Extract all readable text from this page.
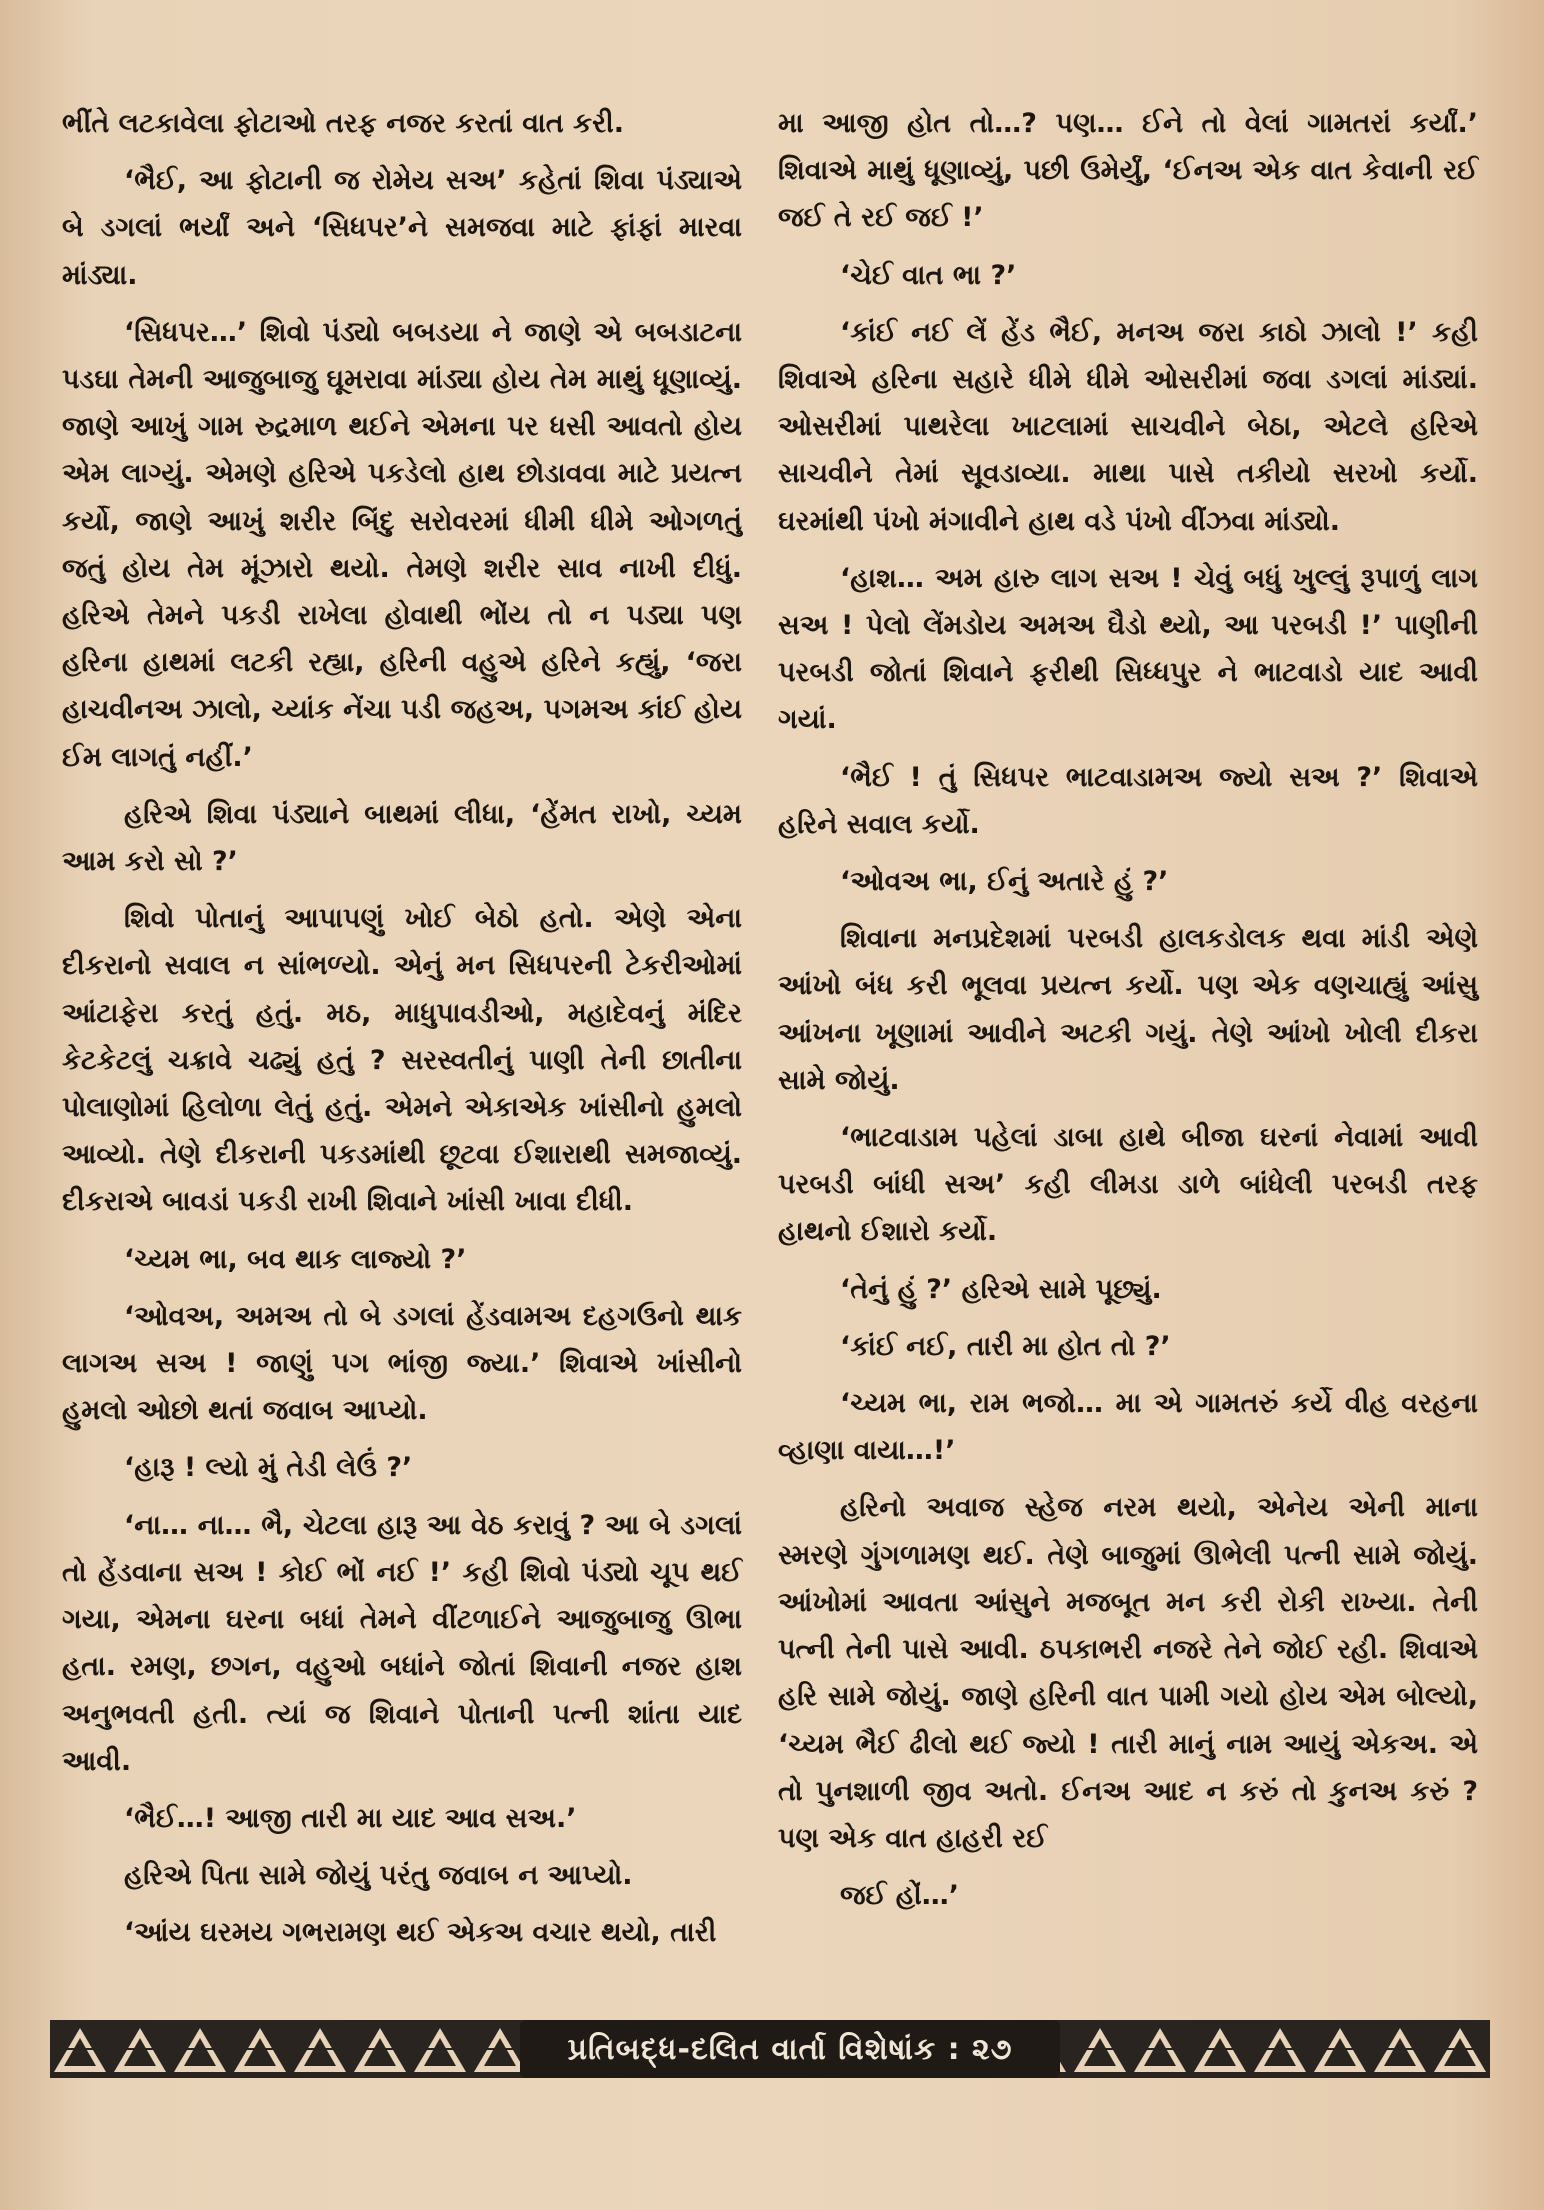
ભીંતે લટકાવેલા ફોટાઓ તરફ નજર કરતાં વાત કરી.

‘ભૈઈ, આ ફોટાની જ રોમેય સઅ’ કહેતાં શિવા પંડ્યાએ બે ડગલાં ભર્યાં અને ‘સિધપર’ને સમજવા માટે ફાંફાં મારવા માંડ્યા.

‘સિધપર…’ શિવો પંડ્યો બબડયા ને જાણે એ બબડાટના પડઘા તેમની આજુબાજુ ઘૂમરાવા માંડ્યા હોય તેમ માથું ધૂણાવ્યું. જાણે આખું ગામ રુદ્રમાળ થઈને એમના પર ધસી આવતો હોય એમ લાગ્યું. એમણે હરિએ પકડેલો હાથ છોડાવવા માટે પ્રયત્ન કર્યો, જાણે આખું શરીર બિંદુ સરોવરમાં ધીમી ધીમે ઓગળતું જતું હોય તેમ મૂંઝારો થયો. તેમણે શરીર સાવ નાખી દીધું. હરિએ તેમને પકડી રાખેલા હોવાથી ભોંય તો ન પડ્યા પણ હરિના હાથમાં લટકી રહ્યા, હરિની વહુએ હરિને કહ્યું, ‘જરા હાચવીનઅ ઝાલો, ચ્યાંક નેંચા પડી જહઅ, પગમઅ કાંઈ હોય ઈમ લાગતું નહીં.’

હરિએ શિવા પંડ્યાને બાથમાં લીધા, ‘હેંમત રાખો, ચ્યમ આમ કરો સો ?’

શિવો પોતાનું આપાપણું ખોઈ બેઠો હતો. એણે એના દીકરાનો સવાલ ન સાંભળ્યો. એનું મન સિધપરની ટેકરીઓમાં આંટાફેરા કરતું હતું. મઠ, માધુપાવડીઓ, મહાદેવનું મંદિર કેટકેટલું ચક્રાવે ચઢ્યું હતું ? સરસ્વતીનું પાણી તેની છાતીના પોલાણોમાં હિલોળા લેતું હતું. એમને એકાએક ખાંસીનો હુમલો આવ્યો. તેણે દીકરાની પકડમાંથી છૂટવા ઈશારાથી સમજાવ્યું. દીકરાએ બાવડાં પકડી રાખી શિવાને ખાંસી ખાવા દીધી.

‘ચ્યમ ભા, બવ થાક લાજ્યો ?’

‘ઓવઅ, અમઅ તો બે ડગલાં હેંડવામઅ દહગઉનો થાક લાગઅ સઅ ! જાણું પગ ભાંજી જ્યા.’ શિવાએ ખાંસીનો હુમલો ઓછો થતાં જવાબ આપ્યો.

‘હારૂ ! લ્યો મું તેડી લેઉં ?’

‘ના… ના… ભૈ, ચેટલા હારૂ આ વેઠ કરાવું ? આ બે ડગલાં તો હેંડવાના સઅ ! કોઈ ભોં નઈ !’ કહી શિવો પંડ્યો ચૂપ થઈ ગયા, એમના ઘરના બધાં તેમને વીંટળાઈને આજુબાજુ ઊભા હતા. રમણ, છગન, વહુઓ બધાંને જોતાં શિવાની નજર હાશ અનુભવતી હતી. ત્યાં જ શિવાને પોતાની પત્ની શાંતા યાદ આવી.

‘ભૈઈ…! આજી તારી મા યાદ આવ સઅ.’

હરિએ પિતા સામે જોયું પરંતુ જવાબ ન આપ્યો.

‘આંય ઘરમય ગભરામણ થઈ એકઅ વચાર થયો, તારી

મા આજી હોત તો…? પણ… ઈને તો વેલાં ગામતરાં કર્યાં.’ શિવાએ માથું ધૂણાવ્યું, પછી ઉમેર્યું, ‘ઈનઅ એક વાત કેવાની રઈ જઈ તે રઈ જઈ !’

‘ચેઈ વાત ભા ?’

‘કાંઈ નઈ લેં હેંડ ભૈઈ, મનઅ જરા કાઠો ઝાલો !’ કહી શિવાએ હરિના સહારે ધીમે ધીમે ઓસરીમાં જવા ડગલાં માંડ્યાં. ઓસરીમાં પાથરેલા ખાટલામાં સાચવીને બેઠા, એટલે હરિએ સાચવીને તેમાં સૂવડાવ્યા. માથા પાસે તકીયો સરખો કર્યો. ઘરમાંથી પંખો મંગાવીને હાથ વડે પંખો વીંઝવા માંડ્યો.

‘હાશ… અમ હારુ લાગ સઅ ! ચેવું બધું ખુલ્લું રૂપાળું લાગ સઅ ! પેલો લેંમડોય અમઅ ઘૈડો થ્યો, આ પરબડી !’ પાણીની પરબડી જોતાં શિવાને ફરીથી સિધ્ધપુર ને ભાટવાડો યાદ આવી ગયાં.

‘ભૈઈ ! તું સિધપર ભાટવાડામઅ જ્યો સઅ ?’ શિવાએ હરિને સવાલ કર્યો.

‘ઓવઅ ભા, ઈનું અતારે હું ?’

શિવાના મનપ્રદેશમાં પરબડી હાલકડોલક થવા માંડી એણે આંખો બંધ કરી ભૂલવા પ્રયત્ન કર્યો. પણ એક વણચાહ્યું આંસુ આંખના ખૂણામાં આવીને અટકી ગયું. તેણે આંખો ખોલી દીકરા સામે જોયું.

‘ભાટવાડામ પહેલાં ડાબા હાથે બીજા ઘરનાં નેવામાં આવી પરબડી બાંધી સઅ’ કહી લીમડા ડાળે બાંધેલી પરબડી તરફ હાથનો ઈશારો કર્યો.

‘તેનું હું ?’ હરિએ સામે પૂછ્યું.

‘કાંઈ નઈ, તારી મા હોત તો ?’

‘ચ્યમ ભા, રામ ભજો… મા એ ગામતરું કર્યે વીહ વરહના વ્હાણા વાયા…!’

હરિનો અવાજ સ્હેજ નરમ થયો, એનેય એની માના સ્મરણે ગુંગળામણ થઈ. તેણે બાજુમાં ઊભેલી પત્ની સામે જોયું. આંખોમાં આવતા આંસુને મજબૂત મન કરી રોકી રાખ્યા. તેની પત્ની તેની પાસે આવી. ઠપકાભરી નજરે તેને જોઈ રહી. શિવાએ હરિ સામે જોયું. જાણે હરિની વાત પામી ગયો હોય એમ બોલ્યો, ‘ચ્યમ ભૈઈ ઢીલો થઈ જ્યો ! તારી માનું નામ આયું એકઅ. એ તો પુનશાળી જીવ અતો. ઈનઅ આદ ન કરું તો કુનઅ કરું ? પણ એક વાત હાહરી રઈ

જઈ હોં…’

પ્રતિબદ્ધ-દલિત વાર્તા વિશેષાંક : ૨૭
